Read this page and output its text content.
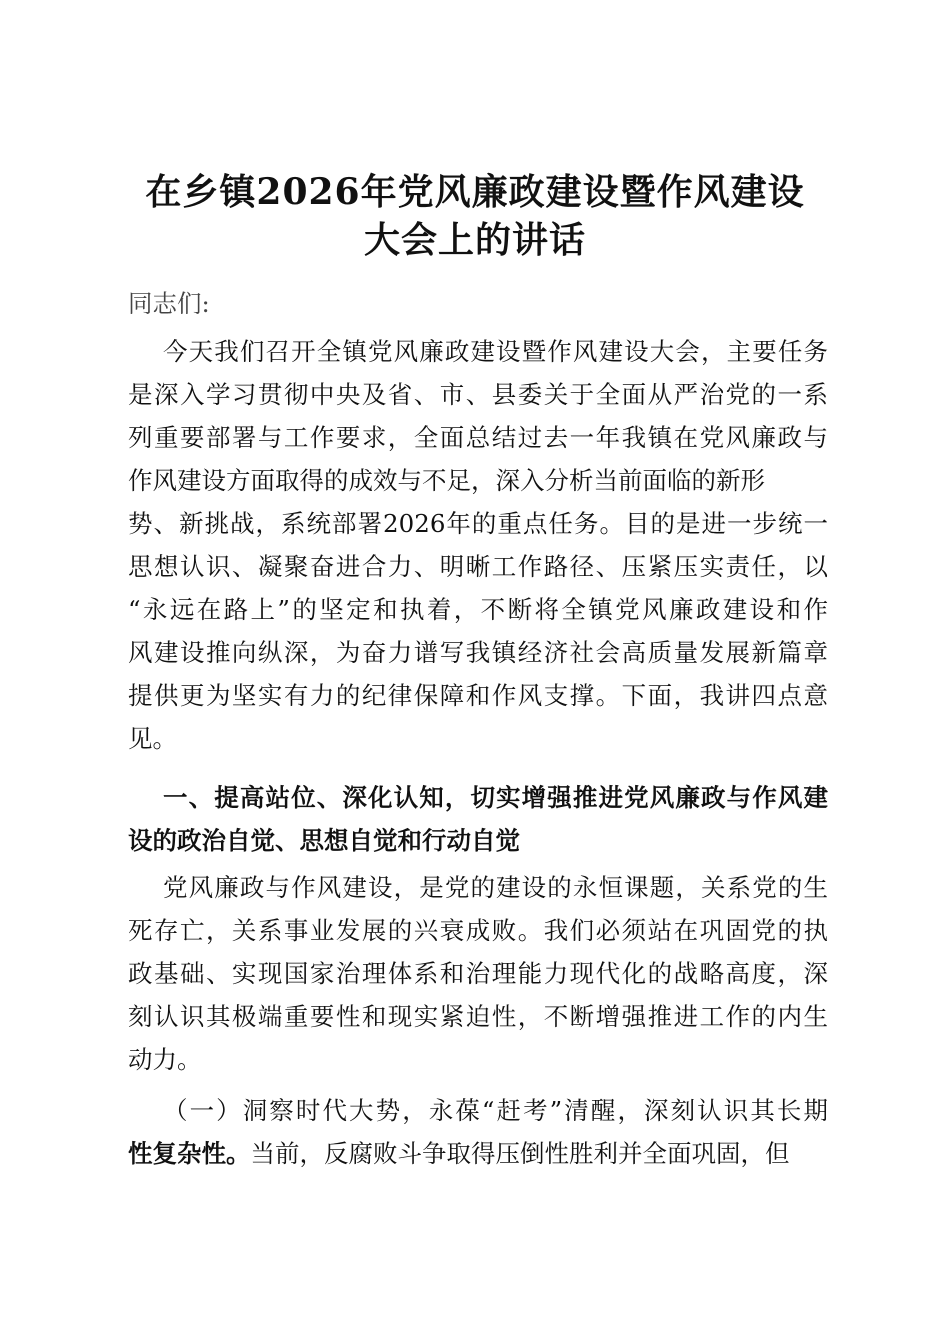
在乡镇2026年党风廉政建设暨作风建设
大会上的讲话
同志们:
今天我们召开全镇党风廉政建设暨作风建设大会，主要任务
是深入学习贯彻中央及省、市、县委关于全面从严治党的一系
列重要部署与工作要求，全面总结过去一年我镇在党风廉政与
作风建设方面取得的成效与不足，深入分析当前面临的新形
势、新挑战，系统部署2026年的重点任务。目的是进一步统一
思想认识、凝聚奋进合力、明晰工作路径、压紧压实责任，以
“永远在路上”的坚定和执着，不断将全镇党风廉政建设和作
风建设推向纵深，为奋力谱写我镇经济社会高质量发展新篇章
提供更为坚实有力的纪律保障和作风支撑。下面，我讲四点意
见。
一、提高站位、深化认知，切实增强推进党风廉政与作风建
设的政治自觉、思想自觉和行动自觉
党风廉政与作风建设，是党的建设的永恒课题，关系党的生
死存亡，关系事业发展的兴衰成败。我们必须站在巩固党的执
政基础、实现国家治理体系和治理能力现代化的战略高度，深
刻认识其极端重要性和现实紧迫性，不断增强推进工作的内生
动力。
（一）洞察时代大势，永葆“赶考”清醒，深刻认识其长期
性复杂性。当前，反腐败斗争取得压倒性胜利并全面巩固，但
